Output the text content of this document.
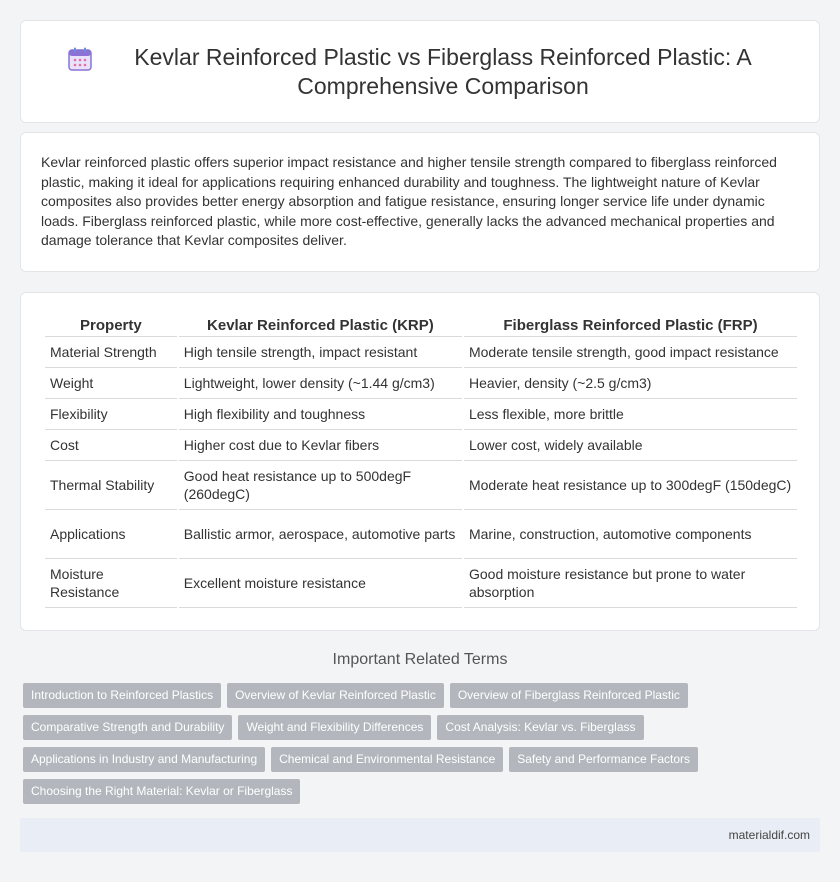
Kevlar Reinforced Plastic vs Fiberglass Reinforced Plastic: A Comprehensive Comparison

Kevlar reinforced plastic offers superior impact resistance and higher tensile strength compared to fiberglass reinforced plastic, making it ideal for applications requiring enhanced durability and toughness. The lightweight nature of Kevlar composites also provides better energy absorption and fatigue resistance, ensuring longer service life under dynamic loads. Fiberglass reinforced plastic, while more cost-effective, generally lacks the advanced mechanical properties and damage tolerance that Kevlar composites deliver.

Property	Kevlar Reinforced Plastic (KRP)	Fiberglass Reinforced Plastic (FRP)
Material Strength	High tensile strength, impact resistant	Moderate tensile strength, good impact resistance
Weight	Lightweight, lower density (~1.44 g/cm3)	Heavier, density (~2.5 g/cm3)
Flexibility	High flexibility and toughness	Less flexible, more brittle
Cost	Higher cost due to Kevlar fibers	Lower cost, widely available
Thermal Stability	Good heat resistance up to 500degF (260degC)	Moderate heat resistance up to 300degF (150degC)
Applications	Ballistic armor, aerospace, automotive parts	Marine, construction, automotive components
Moisture Resistance	Excellent moisture resistance	Good moisture resistance but prone to water absorption
Important Related Terms
Introduction to Reinforced Plastics	Overview of Kevlar Reinforced Plastic	Overview of Fiberglass Reinforced Plastic
Comparative Strength and Durability	Weight and Flexibility Differences	Cost Analysis: Kevlar vs. Fiberglass
Applications in Industry and Manufacturing	Chemical and Environmental Resistance	Safety and Performance Factors
Choosing the Right Material: Kevlar or Fiberglass
materialdif.com
